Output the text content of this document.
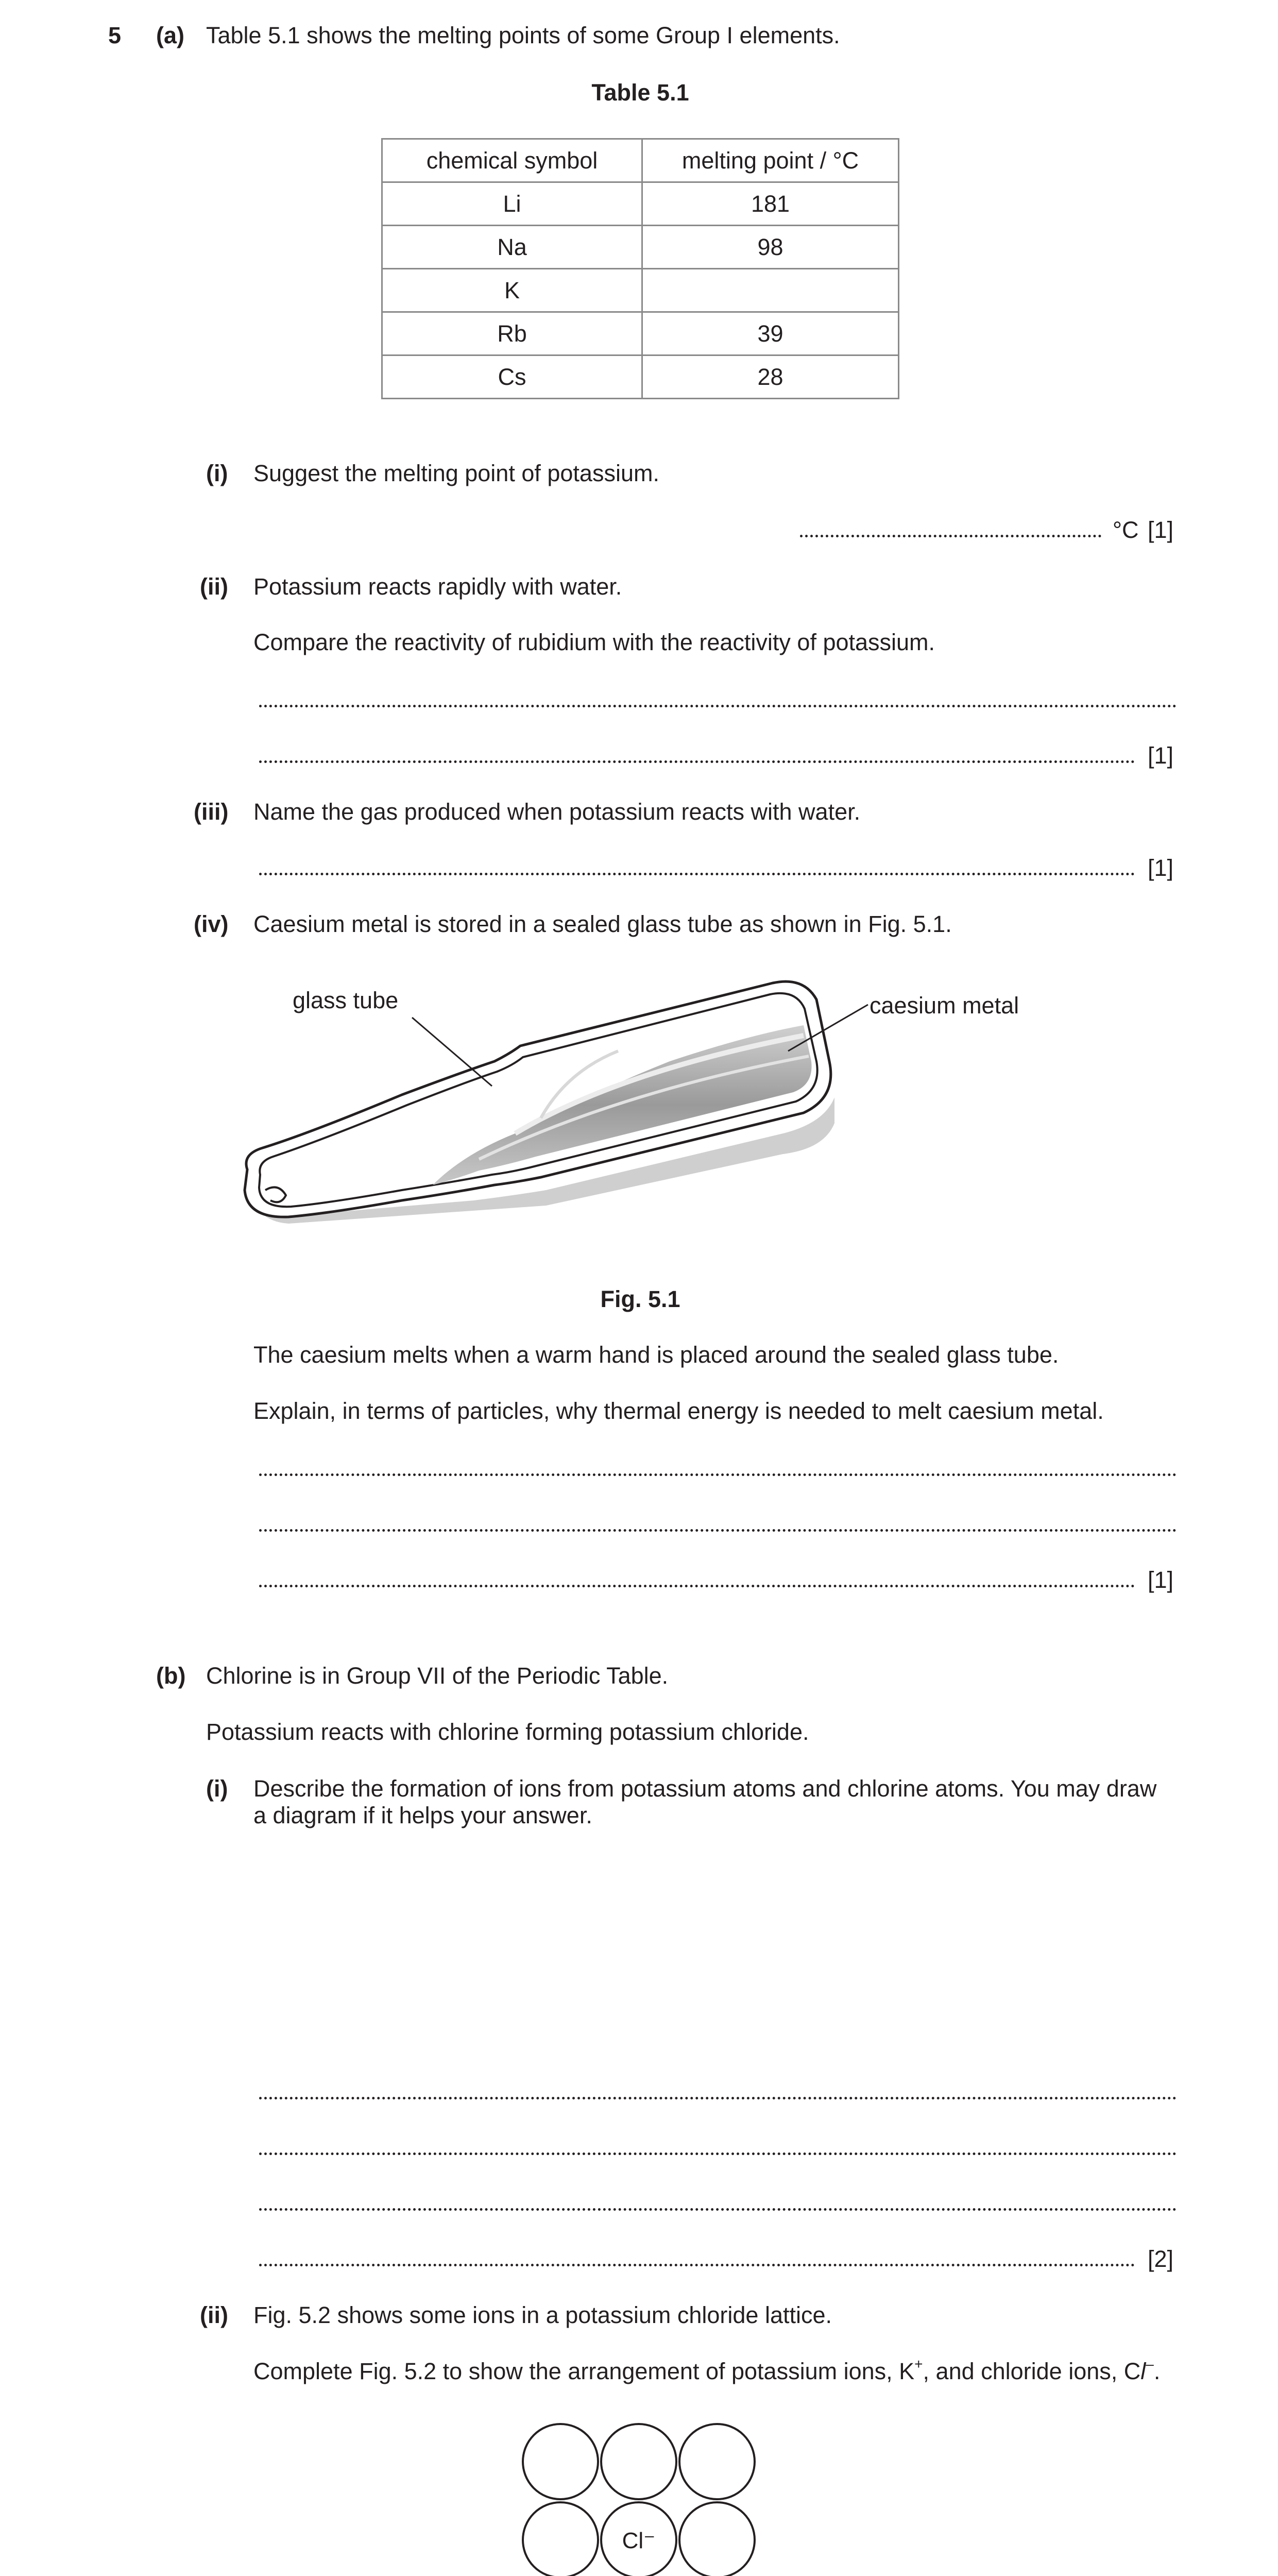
5 (a) Table 5.1 shows the melting points of some Group I elements.
Table 5.1
chemical symbol	melting point / °C
Li	181
Na	98
K	
Rb	39
Cs	28
(i) Suggest the melting point of potassium.
°C [1]
(ii) Potassium reacts rapidly with water.
Compare the reactivity of rubidium with the reactivity of potassium.
[1]
(iii) Name the gas produced when potassium reacts with water.
[1]
(iv) Caesium metal is stored in a sealed glass tube as shown in Fig. 5.1.
glass tube	caesium metal
Fig. 5.1
The caesium melts when a warm hand is placed around the sealed glass tube.
Explain, in terms of particles, why thermal energy is needed to melt caesium metal.
[1]
(b) Chlorine is in Group VII of the Periodic Table.
Potassium reacts with chlorine forming potassium chloride.
(i) Describe the formation of ions from potassium atoms and chlorine atoms. You may draw
a diagram if it helps your answer.
[2]
(ii) Fig. 5.2 shows some ions in a potassium chloride lattice.
Complete Fig. 5.2 to show the arrangement of potassium ions, K+, and chloride ions, Cl–.
Cl⁻
